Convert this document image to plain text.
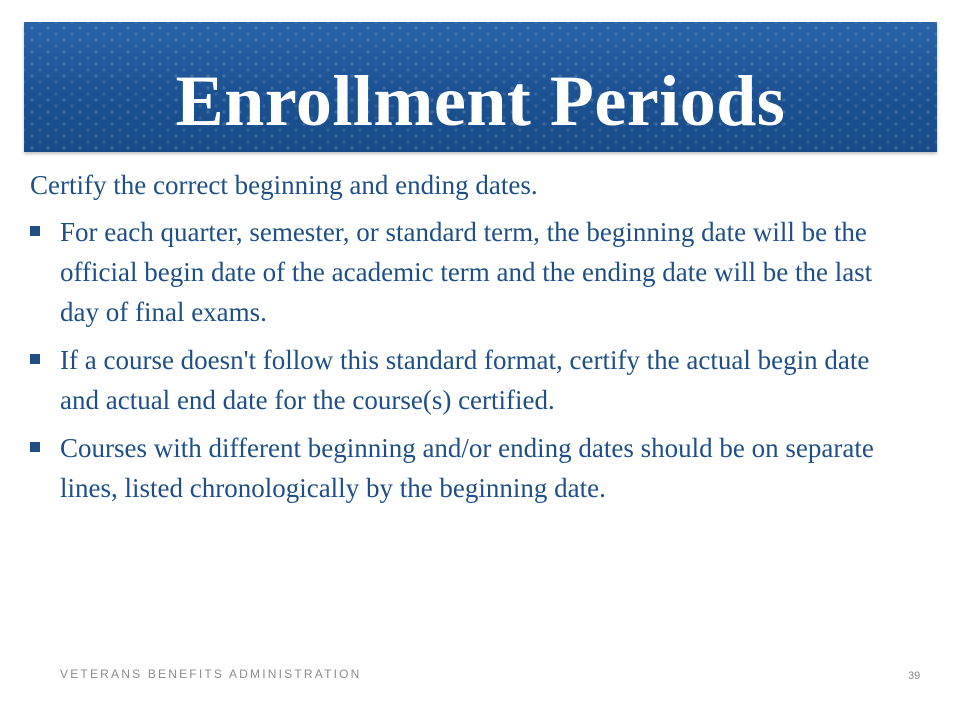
Enrollment Periods

Certify the correct beginning and ending dates.

For each quarter, semester, or standard term, the beginning date will be the official begin date of the academic term and the ending date will be the last day of final exams.
If a course doesn't follow this standard format, certify the actual begin date and actual end date for the course(s) certified.
Courses with different beginning and/or ending dates should be on separate lines, listed chronologically by the beginning date.
VETERANS BENEFITS ADMINISTRATION	39
